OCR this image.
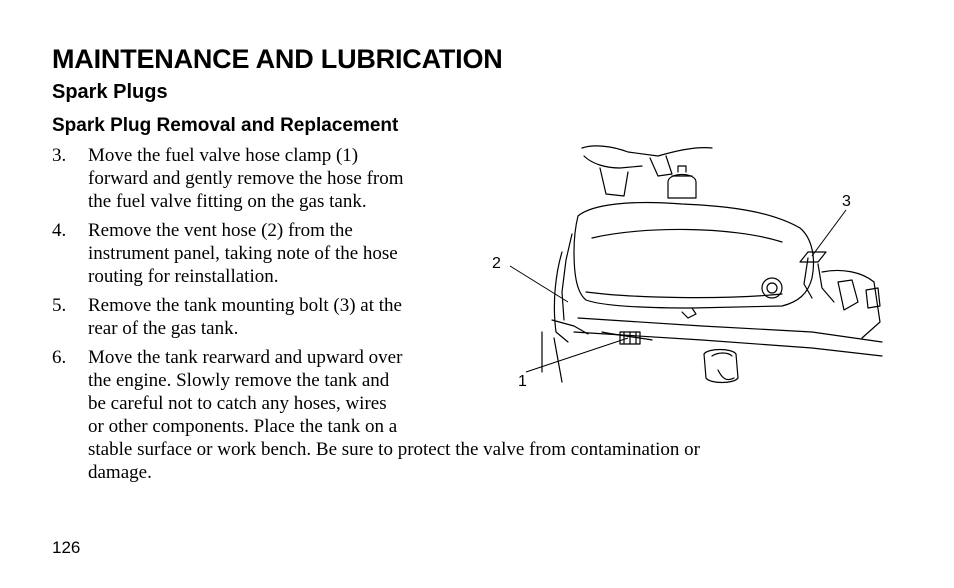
MAINTENANCE AND LUBRICATION
Spark Plugs
Spark Plug Removal and Replacement
3. Move the fuel valve hose clamp (1)
forward and gently remove the hose from
the fuel valve fitting on the gas tank.
4. Remove the vent hose (2) from the
instrument panel, taking note of the hose
routing for reinstallation.
5. Remove the tank mounting bolt (3) at the
rear of the gas tank.
6. Move the tank rearward and upward over
the engine. Slowly remove the tank and
be careful not to catch any hoses, wires
or other components. Place the tank on a
stable surface or work bench. Be sure to protect the valve from contamination or
damage.
1
2
3

126
